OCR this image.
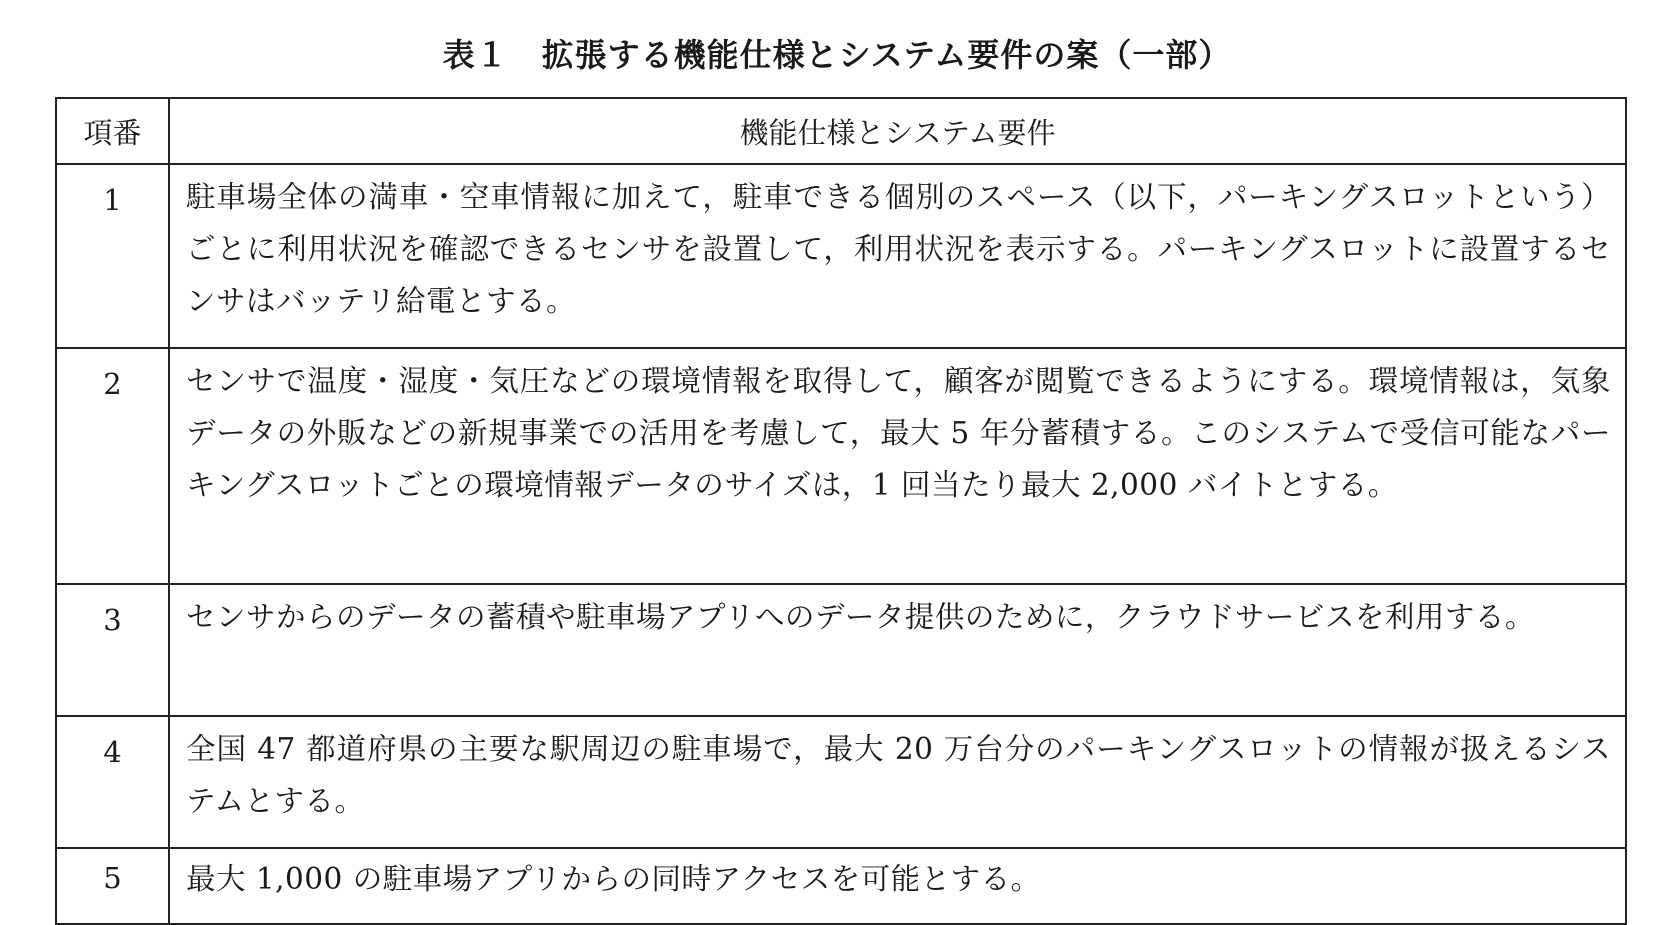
表１　拡張する機能仕様とシステム要件の案（一部）
項番	機能仕様とシステム要件
1	駐車場全体の満車・空車情報に加えて，駐車できる個別のスペース（以下，パーキングスロットという）ごとに利用状況を確認できるセンサを設置して，利用状況を表示する。パーキングスロットに設置するセンサはバッテリ給電とする。
2	センサで温度・湿度・気圧などの環境情報を取得して，顧客が閲覧できるようにする。環境情報は，気象データの外販などの新規事業での活用を考慮して，最大 5 年分蓄積する。このシステムで受信可能なパーキングスロットごとの環境情報データのサイズは，1 回当たり最大 2,000 バイトとする。
3	センサからのデータの蓄積や駐車場アプリへのデータ提供のために，クラウドサービスを利用する。
4	全国 47 都道府県の主要な駅周辺の駐車場で，最大 20 万台分のパーキングスロットの情報が扱えるシステムとする。
5	最大 1,000 の駐車場アプリからの同時アクセスを可能とする。
